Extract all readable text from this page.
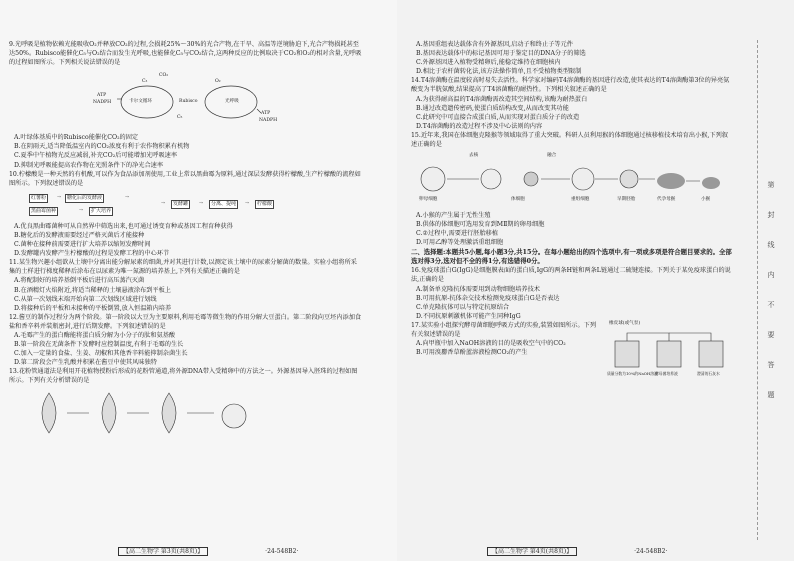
9.光呼吸是植物依赖光能吸收O₂并释放CO₂的过程,会损耗25%～30%的光合产物,在干旱、高温等逆境胁迫下,光合产物损耗甚至达50%。Rubisco能催化C₅与O₂结合而发生光呼吸,也能催化C₅与CO₂结合,这两种反应的比例取决于CO₂和O₂的相对含量,光呼吸的过程如图所示。下列相关说法错误的是

ATP
NADPH
C₃	O₂
卡尔文循环	Rubisco	光呼吸
C₅
CO₂
ATP
NADPH

A.叶绿体基质中的Rubisco能催化CO₂的固定

B.在阴雨天,适当降低温室内的CO₂浓度有利于农作物积累有机物

C.夏季中午植物光反应减弱,补充CO₂后可能增加光呼吸速率

D.抑制光呼吸能提高农作物在光照条件下的净光合速率

10.柠檬酸是一种天然的有机酸,可以作为食品添加剂使用,工业上常以黑曲霉为原料,通过深层发酵获得柠檬酸,生产柠檬酸的流程如图所示。下列叙述错误的是

红薯粉	→	糖化后的发酵液	→
黑曲霉菌种	→	扩大培养
→	发酵罐	→	分离、提纯	→	柠檬酸

A.优良黑曲霉菌种可从自然界中筛选出来,也可通过诱变育种或基因工程育种获得

B.糖化后的发酵液需要经过严格灭菌后才能接种

C.菌种在接种前需要进行扩大培养以缩短发酵时间

D.发酵罐内发酵产生柠檬酸的过程是发酵工程的中心环节

11.某生物兴趣小组欲从土壤中分离出能分解尿素的细菌,并对其进行计数,以测定该土壤中的尿素分解菌的数量。实验小组将所采集的土样进行梯度稀释后涂布在以尿素为唯一氮源的培养基上,下列有关描述正确的是

A.将配制好的培养基倒平板后进行高压蒸汽灭菌

B.在酒精灯火焰附近,将适当稀释的土壤悬液涂布到平板上

C.从第一次划线末端开始向第二次划线区域进行划线

D.将接种后的平板和未接种的平板倒置,放入恒温箱内培养

12.酱豆的制作过程分为两个阶段。第一阶段以大豆为主要原料,利用毛霉等微生物的作用分解大豆蛋白。第二阶段向豆坯内添加食盐和香辛料并装瓶密封,进行后期发酵。下列叙述错误的是

A.毛霉产生的蛋白酶能将蛋白质分解为小分子的肽和氨基酸

B.第一阶段在无菌条件下发酵时应控制温度,有利于毛霉的生长

C.加入一定量的食盐、生姜、胡椒和其他香辛料能抑制杂菌生长

D.第二阶段会产生乳酸并积累在酱豆中使其风味独特

13.花粉管通道法是利用开花植物授粉后形成的花粉管通道,将外源DNA带入受精卵中的方法之一。外源基因导入胚珠的过程如图所示。下列有关分析错误的是

【高二生物学 第3页(共8页)】	·24-548B2·

A.基因重组表达载体含有外源基因,启动子和终止子等元件

B.基因表达载体中的标记基因可用于鉴定目的DNA分子的筛选

C.外源基因进入植物受精卵后,能稳定维持在细胞核内

D.相比于农杆菌转化法,该方法操作简单,且不受植物类型限制

14.T4溶菌酶在温度较高时易失去活性。科学家对编码T4溶菌酶的基因进行改造,使其表达的T4溶菌酶第3位的异亮氨酸变为半胱氨酸,结果提高了T4溶菌酶的耐热性。下列相关叙述正确的是

A.为获得耐高温的T4溶菌酶需改造其空间结构,该酶为耐热蛋白

B.通过改造遗传密码,使蛋白质结构改变,从而改变其功能

C.此研究中可直接合成蛋白质,从而实现对蛋白质分子的改造

D.T4溶菌酶的改造过程不涉及中心法则的内容

15.近年来,我国在体细胞克隆猴等领域取得了重大突破。科研人员利用猴的体细胞通过核移植技术培育出小猴,下列叙述正确的是

卵母细胞
去核
体细胞
融合
重组细胞	早期胚胎	代孕母猴	小猴

A.小猴的产生属于无性生殖

B.供体的体细胞可选用发育到MⅡ期的卵母细胞

C.②过程中,需要进行胚胎移植

D.可用乙醇等处理激活重组细胞

二、选择题:本题共5小题,每小题3分,共15分。在每小题给出的四个选项中,有一项或多项是符合题目要求的。全部选对得3分,选对但不全的得1分,有选错得0分。

16.免疫球蛋白G(IgG)是细胞膜表面的蛋白质,IgG的两条H链和两条L链通过二硫键连接。下列关于某免疫球蛋白的说法,正确的是

A.制备单克隆抗体需要用到动物细胞培养技术

B.可用抗原-抗体杂交技术检测免疫球蛋白G是否表达

C.单克隆抗体可以与特定抗原结合

D.不同抗原刺激机体可能产生同种IgG

17.某实验小组探究酵母菌细胞呼吸方式的实验,装置如图所示。下列有关叙述错误的是

A.向甲瓶中加入NaOH溶液的目的是吸收空气中的CO₂

B.可用溴麝香草酚蓝溶液检测CO₂的产生

橡皮球(或气泵)
质量分数为10%的NaOH溶液
酵母菌培养液	澄清的石灰水
【高二生物学 第4页(共8页)】	·24-548B2·
第
封
线
内
不
要
答
题
